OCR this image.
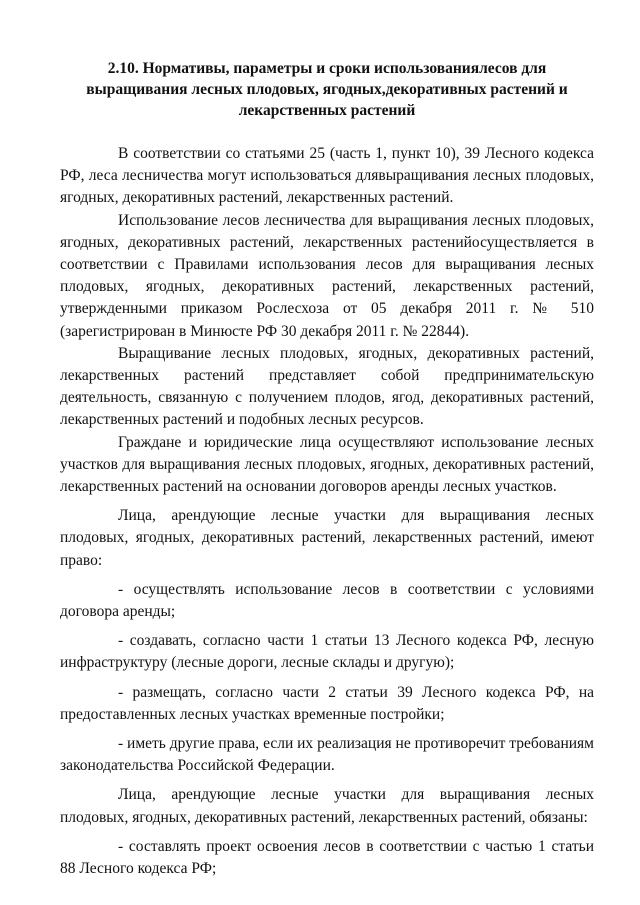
2.10. Нормативы, параметры и сроки использованиялесов для выращивания лесных плодовых, ягодных,декоративных растений и лекарственных растений

В соответствии со статьями 25 (часть 1, пункт 10), 39 Лесного кодекса РФ, леса лесничества могут использоваться длявыращивания лесных плодовых, ягодных, декоративных растений, лекарственных растений.

Использование лесов лесничества для выращивания лесных плодовых, ягодных, декоративных растений, лекарственных растенийосуществляется в соответствии с Правилами использования лесов для выращивания лесных плодовых, ягодных, декоративных растений, лекарственных растений, утвержденными приказом Рослесхоза от 05 декабря 2011 г. № 510 (зарегистрирован в Минюсте РФ 30 декабря 2011 г. № 22844).

Выращивание лесных плодовых, ягодных, декоративных растений, лекарственных растений представляет собой предпринимательскую деятельность, связанную с получением плодов, ягод, декоративных растений, лекарственных растений и подобных лесных ресурсов.

Граждане и юридические лица осуществляют использование лесных участков для выращивания лесных плодовых, ягодных, декоративных растений, лекарственных растений на основании договоров аренды лесных участков.

Лица, арендующие лесные участки для выращивания лесных плодовых, ягодных, декоративных растений, лекарственных растений, имеют право:

- осуществлять использование лесов в соответствии с условиями договора аренды;

- создавать, согласно части 1 статьи 13 Лесного кодекса РФ, лесную инфраструктуру (лесные дороги, лесные склады и другую);

- размещать, согласно части 2 статьи 39 Лесного кодекса РФ, на предоставленных лесных участках временные постройки;

- иметь другие права, если их реализация не противоречит требованиям законодательства Российской Федерации.

Лица, арендующие лесные участки для выращивания лесных плодовых, ягодных, декоративных растений, лекарственных растений, обязаны:

- составлять проект освоения лесов в соответствии с частью 1 статьи 88 Лесного кодекса РФ;
